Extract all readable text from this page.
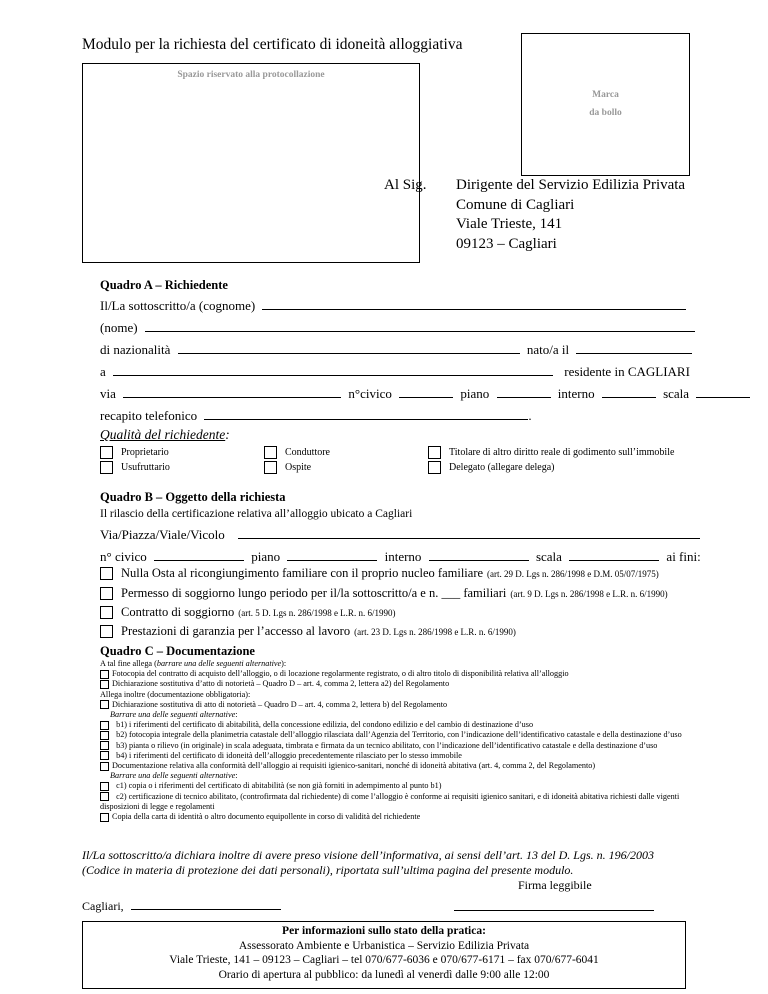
Modulo per la richiesta del certificato di idoneità alloggiativa
Spazio riservato alla protocollazione
Marca
da bollo
Al Sig.	Dirigente del Servizio Edilizia Privata
Comune di Cagliari
Viale Trieste, 141
09123 – Cagliari
Quadro A – Richiedente
Il/La sottoscritto/a (cognome)
(nome)
di nazionalità	nato/a il
a	residente in CAGLIARI
via	n°civico	piano	interno	scala
recapito telefonico	.
Qualità del richiedente:
Proprietario	Conduttore	Titolare di altro diritto reale di godimento sull’immobile
Usufruttario	Ospite	Delegato (allegare delega)
Quadro B – Oggetto della richiesta
Il rilascio della certificazione relativa all’alloggio ubicato a Cagliari
Via/Piazza/Viale/Vicolo
n° civico	piano	interno	scala	ai fini:
Nulla Osta al ricongiungimento familiare con il proprio nucleo familiare (art. 29 D. Lgs n. 286/1998 e D.M. 05/07/1975)
Permesso di soggiorno lungo periodo per il/la sottoscritto/a e n. ___ familiari (art. 9 D. Lgs n. 286/1998 e L.R. n. 6/1990)
Contratto di soggiorno (art. 5 D. Lgs n. 286/1998 e L.R. n. 6/1990)
Prestazioni di garanzia per l’accesso al lavoro (art. 23 D. Lgs n. 286/1998 e L.R. n. 6/1990)
Quadro C – Documentazione
A tal fine allega (barrare una delle seguenti alternative):
Fotocopia del contratto di acquisto dell’alloggio, o di locazione regolarmente registrato, o di altro titolo di disponibilità relativa all’alloggio
Dichiarazione sostitutiva d’atto di notorietà – Quadro D – art. 4, comma 2, lettera a2) del Regolamento
Allega inoltre (documentazione obbligatoria):
Dichiarazione sostitutiva di atto di notorietà – Quadro D – art. 4, comma 2, lettera b) del Regolamento
Barrare una delle seguenti alternative:
b1) i riferimenti del certificato di abitabilità, della concessione edilizia, del condono edilizio e del cambio di destinazione d’uso
b2) fotocopia integrale della planimetria catastale dell’alloggio rilasciata dall’Agenzia del Territorio, con l’indicazione dell’identificativo catastale e della destinazione d’uso
b3) pianta o rilievo (in originale) in scala adeguata, timbrata e firmata da un tecnico abilitato, con l’indicazione dell’identificativo catastale e della destinazione d’uso
b4) i riferimenti del certificato di idoneità dell’alloggio precedentemente rilasciato per lo stesso immobile
Documentazione relativa alla conformità dell’alloggio ai requisiti igienico-sanitari, nonché di idoneità abitativa (art. 4, comma 2, del Regolamento)
Barrare una delle seguenti alternative:
c1) copia o i riferimenti del certificato di abitabilità (se non già forniti in adempimento al punto b1)
c2) certificazione di tecnico abilitato, (controfirmata dal richiedente) di come l’alloggio è conforme ai requisiti igienico sanitari, e di idoneità abitativa richiesti dalle vigenti disposizioni di legge e regolamenti
Copia della carta di identità o altro documento equipollente in corso di validità del richiedente
Il/La sottoscritto/a dichiara inoltre di avere preso visione dell’informativa, ai sensi dell’art. 13 del D. Lgs. n. 196/2003 (Codice in materia di protezione dei dati personali), riportata sull’ultima pagina del presente modulo.
Firma leggibile
Cagliari,
Per informazioni sullo stato della pratica:
Assessorato Ambiente e Urbanistica – Servizio Edilizia Privata
Viale Trieste, 141 – 09123 – Cagliari – tel 070/677-6036 e 070/677-6171 – fax 070/677-6041
Orario di apertura al pubblico: da lunedì al venerdì dalle 9:00 alle 12:00
